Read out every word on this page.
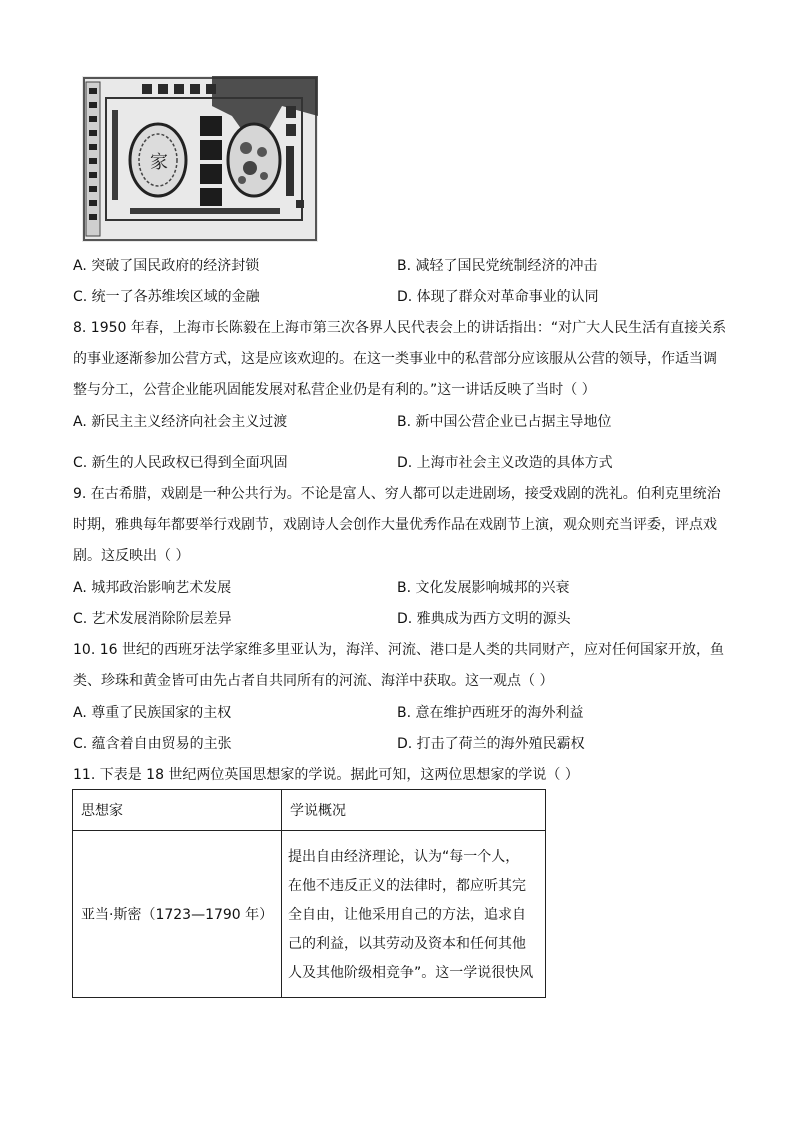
家
A. 突破了国民政府的经济封锁	B. 减轻了国民党统制经济的冲击
C. 统一了各苏维埃区域的金融	D. 体现了群众对革命事业的认同
8. 1950 年春，上海市长陈毅在上海市第三次各界人民代表会上的讲话指出：“对广大人民生活有直接关系
的事业逐渐参加公营方式，这是应该欢迎的。在这一类事业中的私营部分应该服从公营的领导，作适当调
整与分工，公营企业能巩固能发展对私营企业仍是有利的。”这一讲话反映了当时（ ）
A. 新民主主义经济向社会主义过渡	B. 新中国公营企业已占据主导地位
C. 新生的人民政权已得到全面巩固	D. 上海市社会主义改造的具体方式
9. 在古希腊，戏剧是一种公共行为。不论是富人、穷人都可以走进剧场，接受戏剧的洗礼。伯利克里统治
时期，雅典每年都要举行戏剧节，戏剧诗人会创作大量优秀作品在戏剧节上演，观众则充当评委，评点戏
剧。这反映出（ ）
A. 城邦政治影响艺术发展	B. 文化发展影响城邦的兴衰
C. 艺术发展消除阶层差异	D. 雅典成为西方文明的源头
10. 16 世纪的西班牙法学家维多里亚认为，海洋、河流、港口是人类的共同财产，应对任何国家开放，鱼
类、珍珠和黄金皆可由先占者自共同所有的河流、海洋中获取。这一观点（ ）
A. 尊重了民族国家的主权	B. 意在维护西班牙的海外利益
C. 蕴含着自由贸易的主张	D. 打击了荷兰的海外殖民霸权
11. 下表是 18 世纪两位英国思想家的学说。据此可知，这两位思想家的学说（ ）
思想家	学说概况
亚当·斯密（1723—1790 年）	提出自由经济理论，认为“每一个人，
在他不违反正义的法律时，都应听其完
全自由，让他采用自己的方法，追求自
己的利益，以其劳动及资本和任何其他
人及其他阶级相竞争”。这一学说很快风
